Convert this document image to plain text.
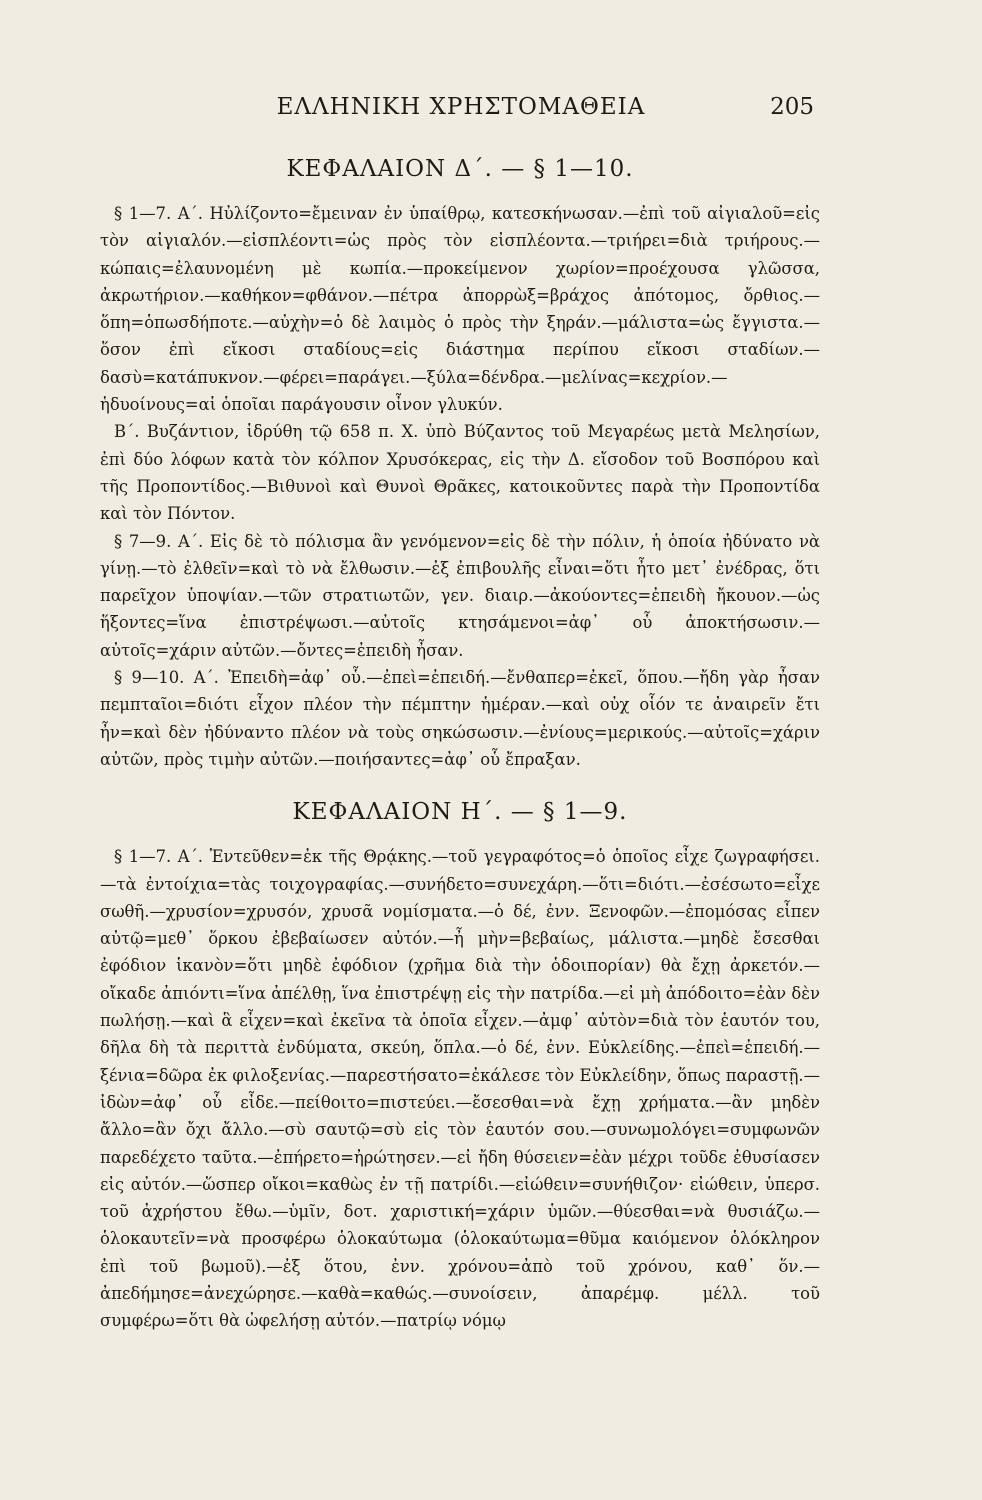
ΕΛΛΗΝΙΚΗ ΧΡΗΣΤΟΜΑΘΕΙΑ	205
ΚΕΦΑΛΑΙΟΝ Δ΄. — § 1—10.

§ 1—7. Α΄. Ηὐλίζοντο=ἔμειναν ἐν ὑπαίθρῳ, κατεσκήνωσαν.—ἐπὶ τοῦ αἰγιαλοῦ=εἰς τὸν αἰγιαλόν.—εἰσπλέοντι=ὡς πρὸς τὸν εἰσπλέοντα.—τριήρει=διὰ τριήρους.—κώπαις=ἐλαυνομένη μὲ κωπία.—προκείμενον χωρίον=προέχουσα γλῶσσα, ἀκρωτήριον.—καθήκον=φθάνον.—πέτρα ἀπορρὼξ=βράχος ἀπότομος, ὄρθιος.—ὅπη=ὁπωσδήποτε.—αὐχὴν=ὁ δὲ λαιμὸς ὁ πρὸς τὴν ξηράν.—μάλιστα=ὡς ἔγγιστα.—ὅσον ἐπὶ εἴκοσι σταδίους=εἰς διάστημα περίπου εἴκοσι σταδίων.—δασὺ=κατάπυκνον.—φέρει=παράγει.—ξύλα=δένδρα.—μελίνας=κεχρίον.—ἡδυοίνους=αἱ ὁποῖαι παράγουσιν οἶνον γλυκύν.

Β΄. Βυζάντιον, ἱδρύθη τῷ 658 π. Χ. ὑπὸ Βύζαντος τοῦ Μεγαρέως μετὰ Μελησίων, ἐπὶ δύο λόφων κατὰ τὸν κόλπον Χρυσόκερας, εἰς τὴν Δ. εἴσοδον τοῦ Βοσπόρου καὶ τῆς Προποντίδος.—Βιθυνοὶ καὶ Θυνοὶ Θρᾶκες, κατοικοῦντες παρὰ τὴν Προποντίδα καὶ τὸν Πόντον.

§ 7—9. Α΄. Εἰς δὲ τὸ πόλισμα ἂν γενόμενον=εἰς δὲ τὴν πόλιν, ἡ ὁποία ἠδύνατο νὰ γίνῃ.—τὸ ἐλθεῖν=καὶ τὸ νὰ ἔλθωσιν.—ἐξ ἐπιβουλῆς εἶναι=ὅτι ἦτο μετ᾽ ἐνέδρας, ὅτι παρεῖχον ὑποψίαν.—τῶν στρατιωτῶν, γεν. διαιρ.—ἀκούοντες=ἐπειδὴ ἤκουον.—ὡς ἥξοντες=ἵνα ἐπιστρέψωσι.—αὐτοῖς κτησάμενοι=ἀφ᾽ οὗ ἀποκτήσωσιν.—αὐτοῖς=χάριν αὐτῶν.—ὄντες=ἐπειδὴ ἦσαν.

§ 9—10. Α΄. Ἐπειδὴ=ἀφ᾽ οὗ.—ἐπεὶ=ἐπειδή.—ἔνθαπερ=ἐκεῖ, ὅπου.—ἤδη γὰρ ἦσαν πεμπταῖοι=διότι εἶχον πλέον τὴν πέμπτην ἡμέραν.—καὶ οὐχ οἷόν τε ἀναιρεῖν ἔτι ἦν=καὶ δὲν ἠδύναντο πλέον νὰ τοὺς σηκώσωσιν.—ἐνίους=μερικούς.—αὐτοῖς=χάριν αὐτῶν, πρὸς τιμὴν αὐτῶν.—ποιήσαντες=ἀφ᾽ οὗ ἔπραξαν.

ΚΕΦΑΛΑΙΟΝ Η΄. — § 1—9.

§ 1—7. Α΄. Ἐντεῦθεν=ἐκ τῆς Θρᾴκης.—τοῦ γεγραφότος=ὁ ὁποῖος εἶχε ζωγραφήσει.—τὰ ἐντοίχια=τὰς τοιχογραφίας.—συνήδετο=συνεχάρη.—ὅτι=διότι.—ἐσέσωτο=εἶχε σωθῆ.—χρυσίον=χρυσόν, χρυσᾶ νομίσματα.—ὁ δέ, ἐνν. Ξενοφῶν.—ἐπομόσας εἶπεν αὐτῷ=μεθ᾽ ὅρκου ἐβεβαίωσεν αὐτόν.—ἦ μὴν=βεβαίως, μάλιστα.—μηδὲ ἔσεσθαι ἐφόδιον ἱκανὸν=ὅτι μηδὲ ἐφόδιον (χρῆμα διὰ τὴν ὁδοιπορίαν) θὰ ἔχῃ ἀρκετόν.—οἴκαδε ἀπιόντι=ἵνα ἀπέλθῃ, ἵνα ἐπιστρέψῃ εἰς τὴν πατρίδα.—εἰ μὴ ἀπόδοιτο=ἐὰν δὲν πωλήσῃ.—καὶ ἃ εἶχεν=καὶ ἐκεῖνα τὰ ὁποῖα εἶχεν.—ἀμφ᾽ αὐτὸν=διὰ τὸν ἑαυτόν του, δῆλα δὴ τὰ περιττὰ ἐνδύματα, σκεύη, ὅπλα.—ὁ δέ, ἐνν. Εὐκλείδης.—ἐπεὶ=ἐπειδή.—ξένια=δῶρα ἐκ φιλοξενίας.—παρεστήσατο=ἐκάλεσε τὸν Εὐκλείδην, ὅπως παραστῇ.—ἰδὼν=ἀφ᾽ οὗ εἶδε.—πείθοιτο=πιστεύει.—ἔσεσθαι=νὰ ἔχῃ χρήματα.—ἂν μηδὲν ἄλλο=ἂν ὄχι ἄλλο.—σὺ σαυτῷ=σὺ εἰς τὸν ἑαυτόν σου.—συνωμολόγει=συμφωνῶν παρεδέχετο ταῦτα.—ἐπήρετο=ἠρώτησεν.—εἰ ἤδη θύσειεν=ἐὰν μέχρι τοῦδε ἐθυσίασεν εἰς αὐτόν.—ὥσπερ οἴκοι=καθὼς ἐν τῇ πατρίδι.—εἰώθειν=συνήθιζον· εἰώθειν, ὑπερσ. τοῦ ἀχρήστου ἔθω.—ὑμῖν, δοτ. χαριστική=χάριν ὑμῶν.—θύεσθαι=νὰ θυσιάζω.—ὁλοκαυτεῖν=νὰ προσφέρω ὁλοκαύτωμα (ὁλοκαύτωμα=θῦμα καιόμενον ὁλόκληρον ἐπὶ τοῦ βωμοῦ).—ἐξ ὅτου, ἐνν. χρόνου=ἀπὸ τοῦ χρόνου, καθ᾽ ὅν.—ἀπεδήμησε=ἀνεχώρησε.—καθὰ=καθώς.—συνοίσειν, ἀπαρέμφ. μέλλ. τοῦ συμφέρω=ὅτι θὰ ὠφελήσῃ αὐτόν.—πατρίῳ νόμῳ
